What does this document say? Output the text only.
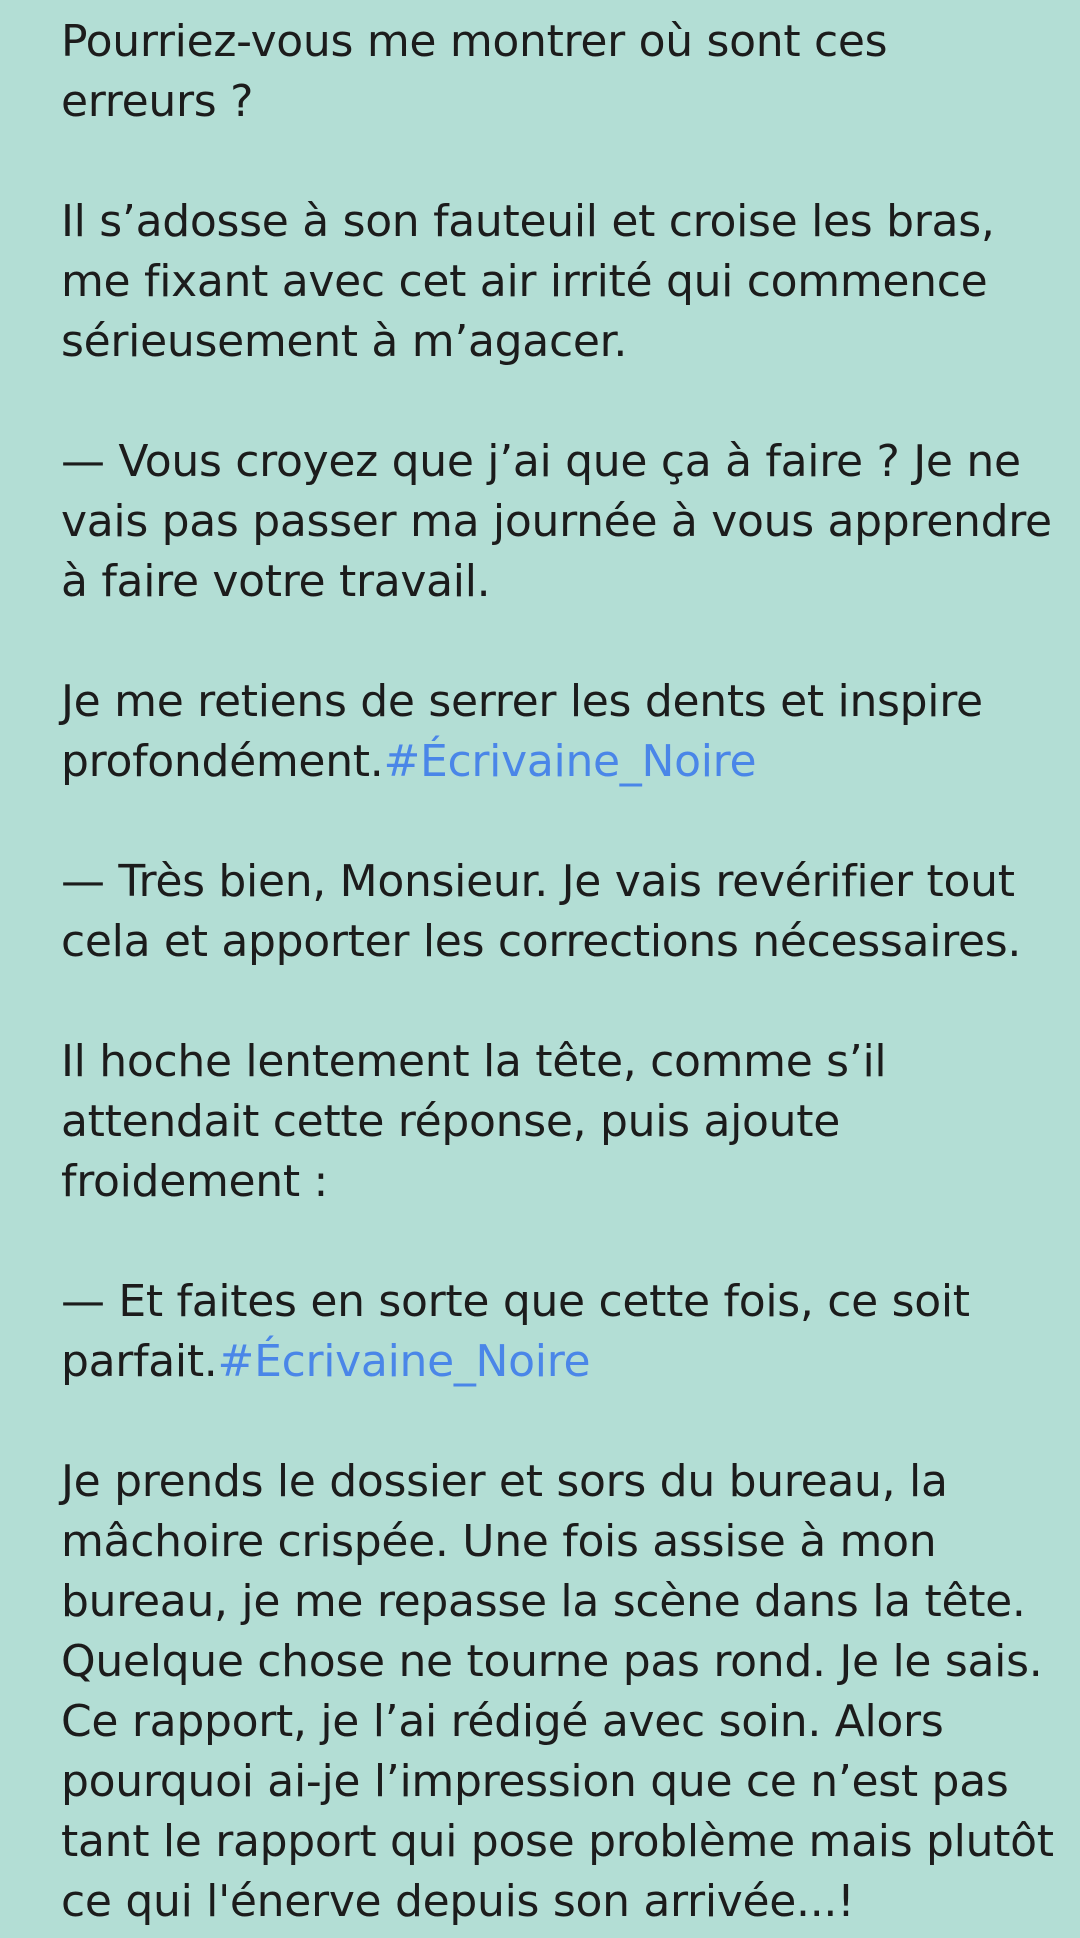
Pourriez-vous me montrer où sont ces
erreurs ?

Il s’adosse à son fauteuil et croise les bras,
me fixant avec cet air irrité qui commence
sérieusement à m’agacer.

— Vous croyez que j’ai que ça à faire ? Je ne
vais pas passer ma journée à vous apprendre
à faire votre travail.

Je me retiens de serrer les dents et inspire
profondément.#Écrivaine_Noire

— Très bien, Monsieur. Je vais revérifier tout
cela et apporter les corrections nécessaires.

Il hoche lentement la tête, comme s’il
attendait cette réponse, puis ajoute
froidement :

— Et faites en sorte que cette fois, ce soit
parfait.#Écrivaine_Noire

Je prends le dossier et sors du bureau, la
mâchoire crispée. Une fois assise à mon
bureau, je me repasse la scène dans la tête.
Quelque chose ne tourne pas rond. Je le sais.
Ce rapport, je l’ai rédigé avec soin. Alors
pourquoi ai-je l’impression que ce n’est pas
tant le rapport qui pose problème mais plutôt
ce qui l'énerve depuis son arrivée...!
